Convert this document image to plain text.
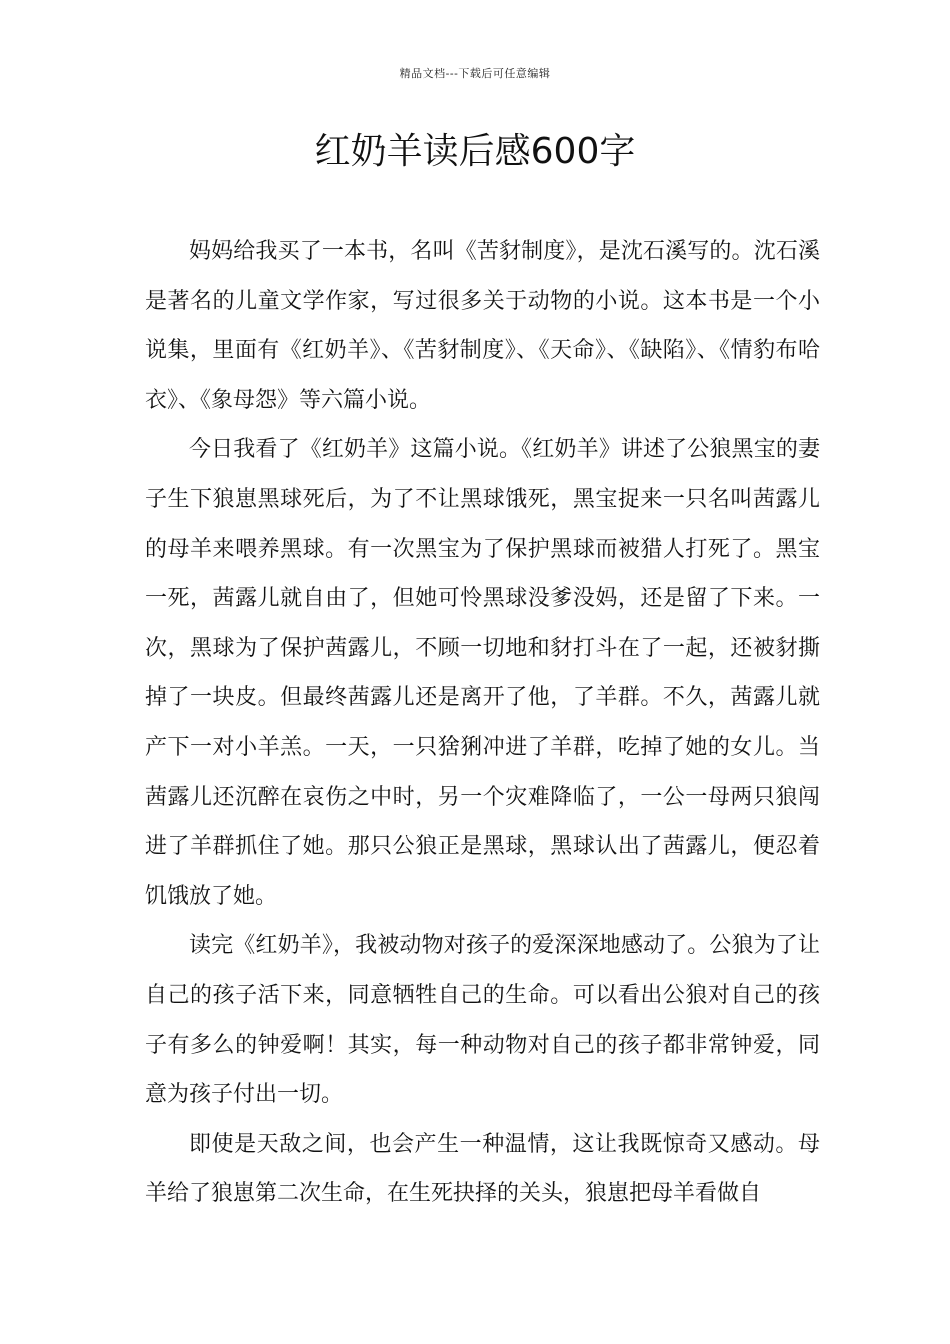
精品文档---下载后可任意编辑
红奶羊读后感600字

妈妈给我买了一本书，名叫《苦豺制度》，是沈石溪写的。沈石溪是著名的儿童文学作家，写过很多关于动物的小说。这本书是一个小说集，里面有《红奶羊》、《苦豺制度》、《天命》、《缺陷》、《情豹布哈衣》、《象母怨》等六篇小说。

今日我看了《红奶羊》这篇小说。《红奶羊》讲述了公狼黑宝的妻子生下狼崽黑球死后，为了不让黑球饿死，黑宝捉来一只名叫茜露儿的母羊来喂养黑球。有一次黑宝为了保护黑球而被猎人打死了。黑宝一死，茜露儿就自由了，但她可怜黑球没爹没妈，还是留了下来。一次，黑球为了保护茜露儿，不顾一切地和豺打斗在了一起，还被豺撕掉了一块皮。但最终茜露儿还是离开了他，了羊群。不久，茜露儿就产下一对小羊羔。一天，一只猞猁冲进了羊群，吃掉了她的女儿。当茜露儿还沉醉在哀伤之中时，另一个灾难降临了，一公一母两只狼闯进了羊群抓住了她。那只公狼正是黑球，黑球认出了茜露儿，便忍着饥饿放了她。

读完《红奶羊》，我被动物对孩子的爱深深地感动了。公狼为了让自己的孩子活下来，同意牺牲自己的生命。可以看出公狼对自己的孩子有多么的钟爱啊！其实，每一种动物对自己的孩子都非常钟爱，同意为孩子付出一切。

即使是天敌之间，也会产生一种温情，这让我既惊奇又感动。母羊给了狼崽第二次生命，在生死抉择的关头，狼崽把母羊看做自
